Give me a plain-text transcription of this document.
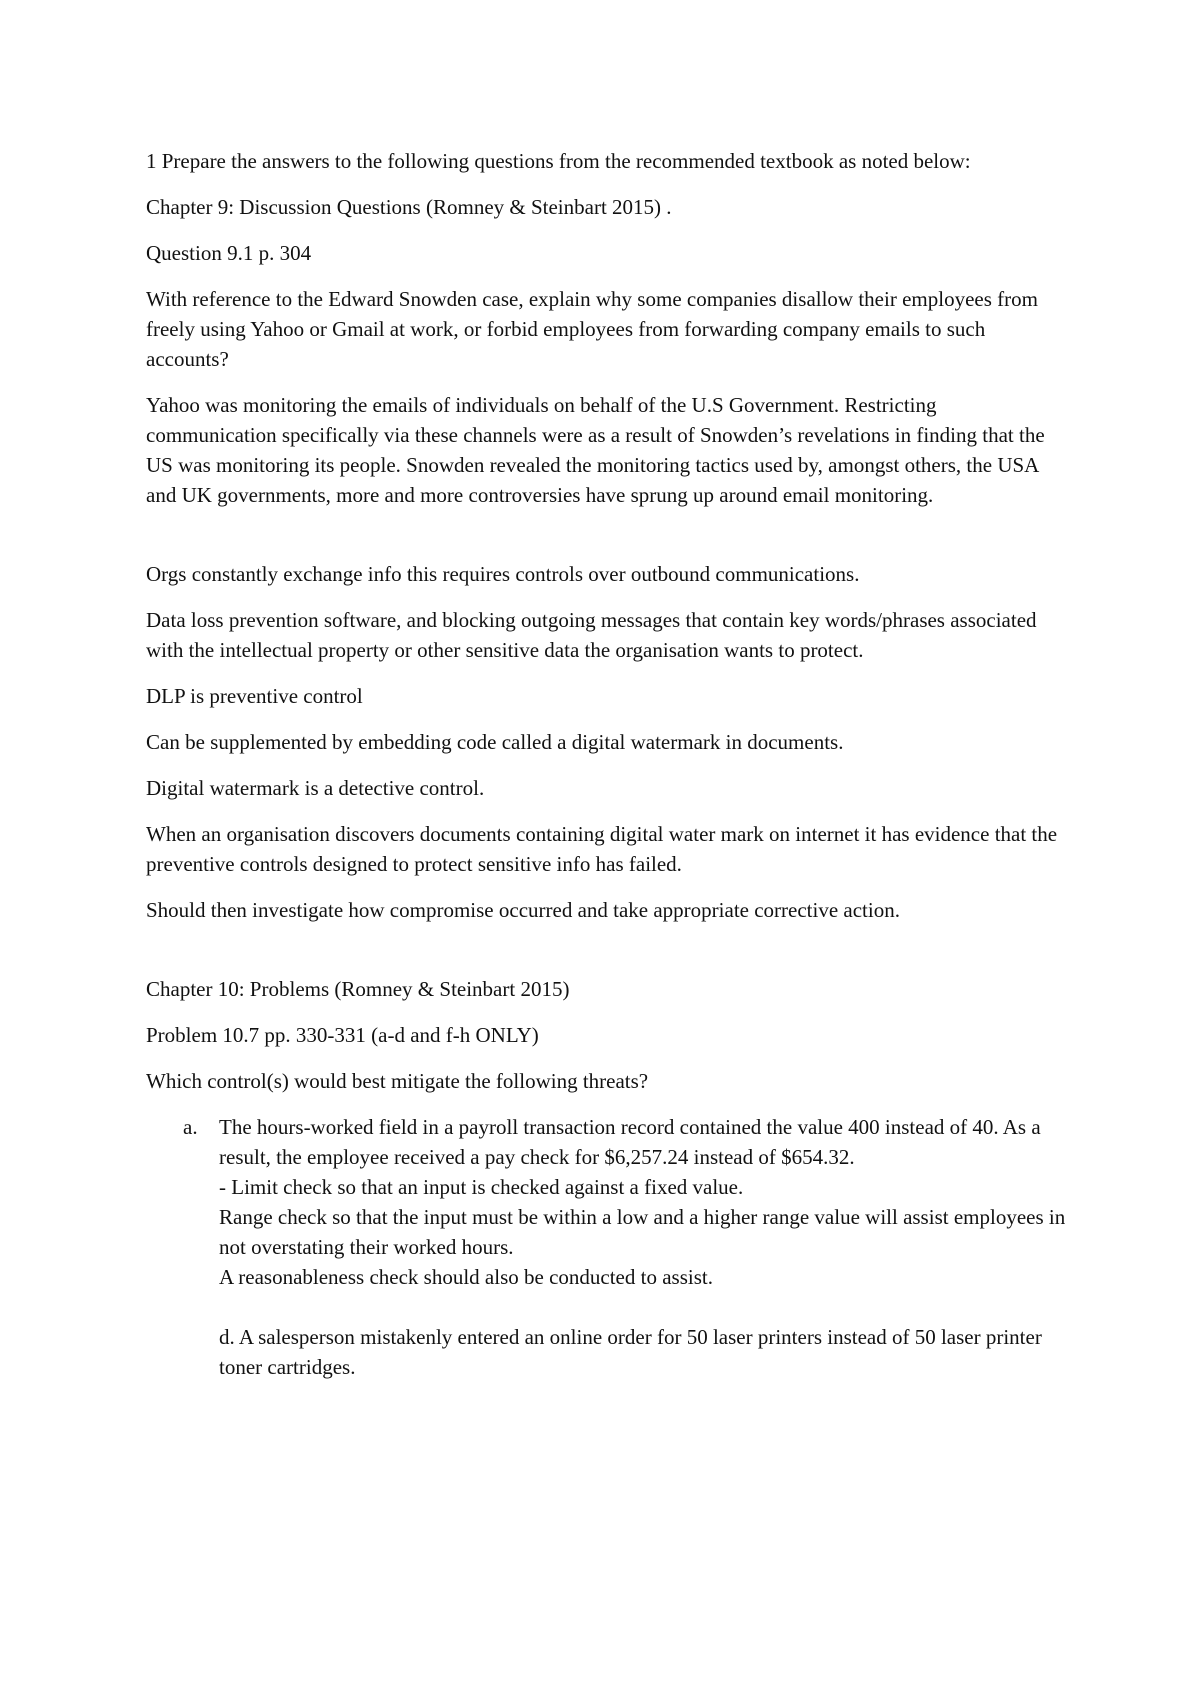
1 Prepare the answers to the following questions from the recommended textbook as noted below:

Chapter 9: Discussion Questions (Romney & Steinbart 2015) .

Question 9.1 p. 304

With reference to the Edward Snowden case, explain why some companies disallow their employees from freely using Yahoo or Gmail at work, or forbid employees from forwarding company emails to such accounts?

Yahoo was monitoring the emails of individuals on behalf of the U.S Government. Restricting communication specifically via these channels were as a result of Snowden’s revelations in finding that the US was monitoring its people. Snowden revealed the monitoring tactics used by, amongst others, the USA and UK governments, more and more controversies have sprung up around email monitoring.

Orgs constantly exchange info this requires controls over outbound communications.

Data loss prevention software, and blocking outgoing messages that contain key words/phrases associated with the intellectual property or other sensitive data the organisation wants to protect.

DLP is preventive control

Can be supplemented by embedding code called a digital watermark in documents.

Digital watermark is a detective control.

When an organisation discovers documents containing digital water mark on internet it has evidence that the preventive controls designed to protect sensitive info has failed.

Should then investigate how compromise occurred and take appropriate corrective action.

Chapter 10: Problems (Romney & Steinbart 2015)

Problem 10.7 pp. 330-331 (a-d and f-h ONLY)

Which control(s) would best mitigate the following threats?

a. The hours-worked field in a payroll transaction record contained the value 400 instead of 40. As a result, the employee received a pay check for $6,257.24 instead of $654.32.
- Limit check so that an input is checked against a fixed value.
Range check so that the input must be within a low and a higher range value will assist employees in not overstating their worked hours.
A reasonableness check should also be conducted to assist.
d. A salesperson mistakenly entered an online order for 50 laser printers instead of 50 laser printer toner cartridges.
